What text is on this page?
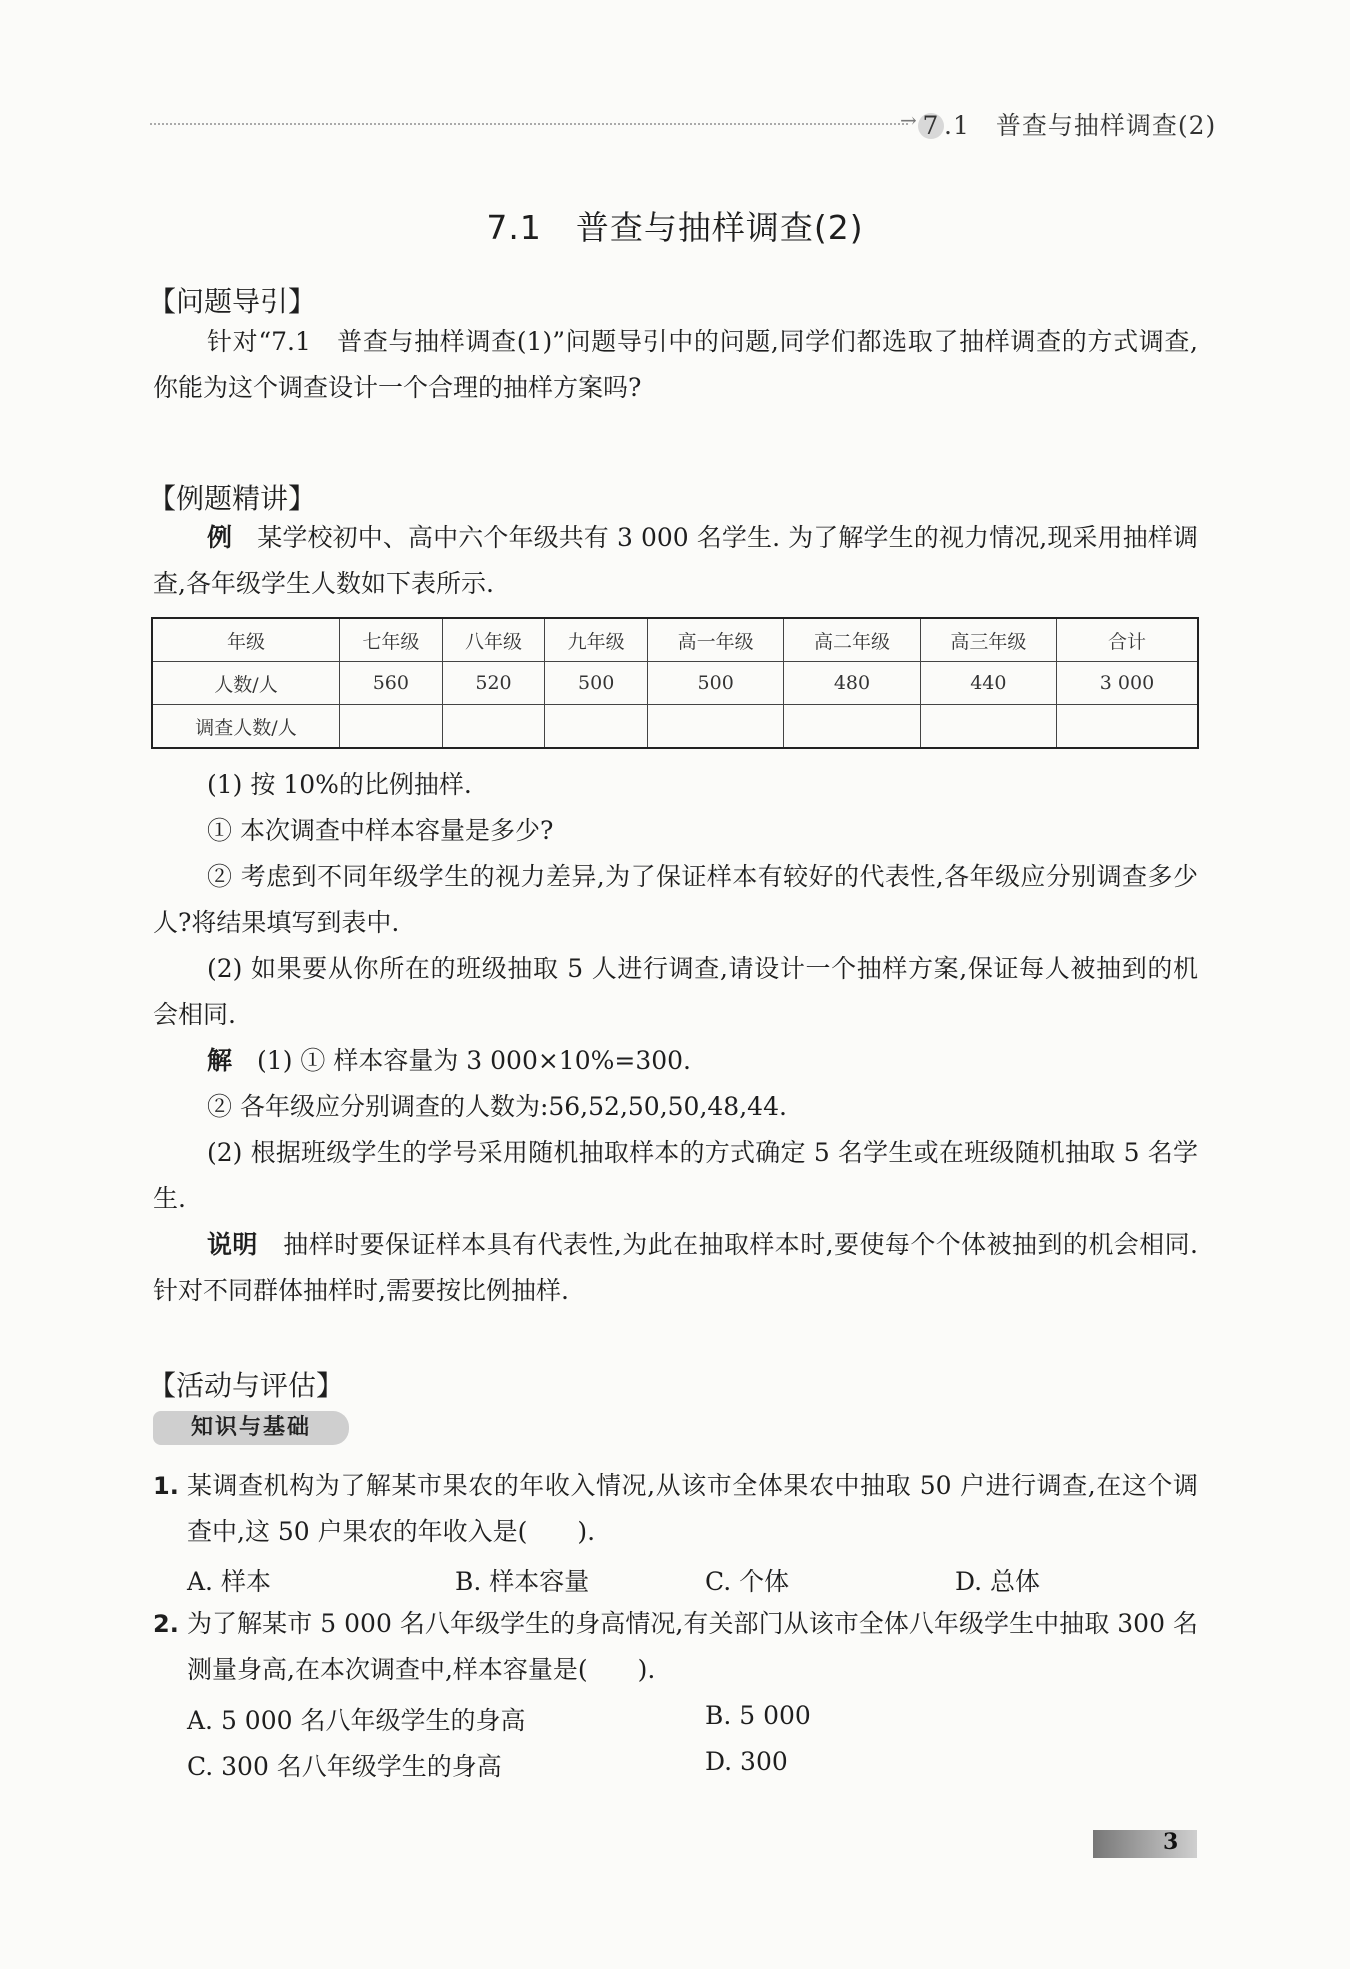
→ 7 .1　普查与抽样调查(2)
7.1　普查与抽样调查(2)
【问题导引】
针对“7.1　普查与抽样调查(1)”问题导引中的问题,同学们都选取了抽样调查的方式调查,你能为这个调查设计一个合理的抽样方案吗?
【例题精讲】
例　 某学校初中、高中六个年级共有 3 000 名学生. 为了解学生的视力情况,现采用抽样调查,各年级学生人数如下表所示.
年级	七年级	八年级	九年级	高一年级	高二年级	高三年级	合计
人数/人	560	520	500	500	480	440	3 000
调查人数/人							
(1) 按 10%的比例抽样.
① 本次调查中样本容量是多少?
② 考虑到不同年级学生的视力差异,为了保证样本有较好的代表性,各年级应分别调查多少人?将结果填写到表中.
(2) 如果要从你所在的班级抽取 5 人进行调查,请设计一个抽样方案,保证每人被抽到的机会相同.
解　 (1) ① 样本容量为 3 000×10%=300.
② 各年级应分别调查的人数为:56,52,50,50,48,44.
(2) 根据班级学生的学号采用随机抽取样本的方式确定 5 名学生或在班级随机抽取 5 名学生.
说明　 抽样时要保证样本具有代表性,为此在抽取样本时,要使每个个体被抽到的机会相同. 针对不同群体抽样时,需要按比例抽样.
【活动与评估】
知识与基础
1. 某调查机构为了解某市果农的年收入情况,从该市全体果农中抽取 50 户进行调查,在这个调查中,这 50 户果农的年收入是(　　).
A. 样本	B. 样本容量	C. 个体	D. 总体
2. 为了解某市 5 000 名八年级学生的身高情况,有关部门从该市全体八年级学生中抽取 300 名测量身高,在本次调查中,样本容量是(　　).
A. 5 000 名八年级学生的身高	B. 5 000
C. 300 名八年级学生的身高	D. 300
3
